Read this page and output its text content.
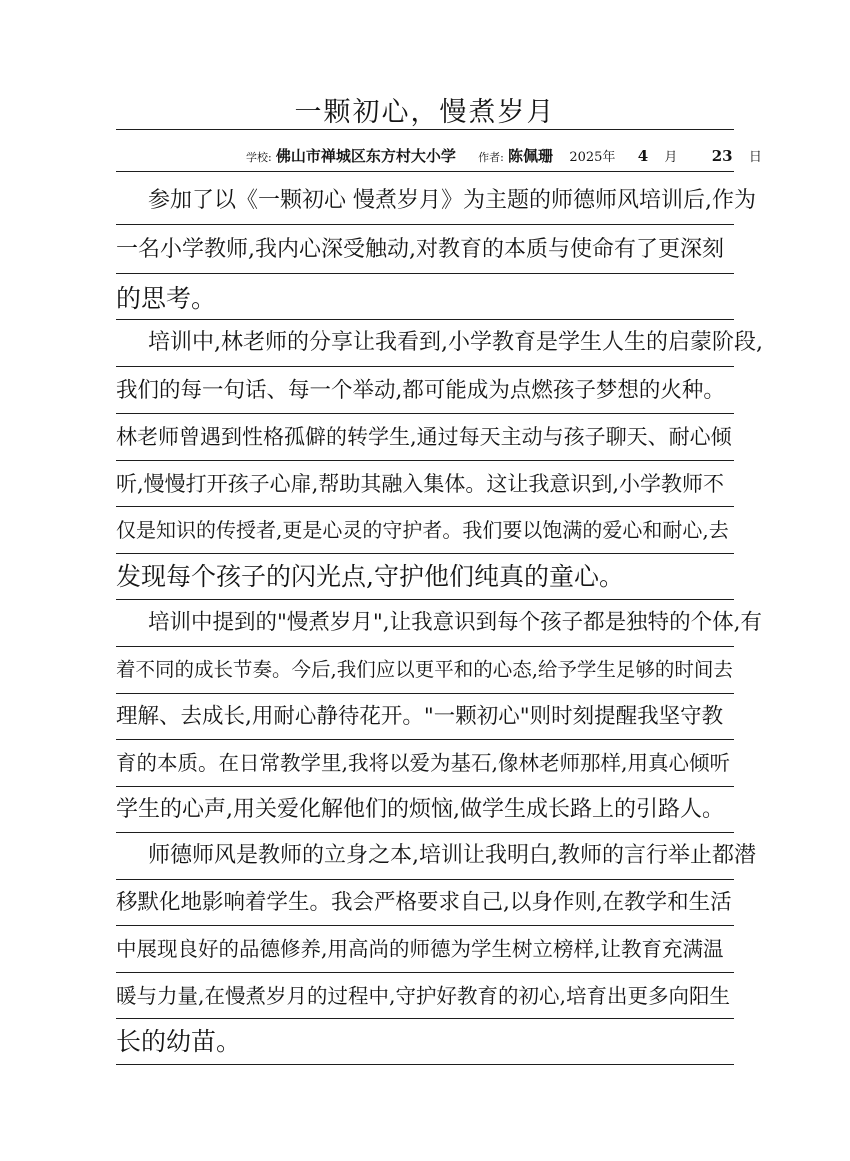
一颗初心，慢煮岁月
学校: 佛山市禅城区东方村大小学 作者: 陈佩珊 2025年 4 月 23 日
参加了以《一颗初心 慢煮岁月》为主题的师德师风培训后,作为
一名小学教师,我内心深受触动,对教育的本质与使命有了更深刻
的思考。
培训中,林老师的分享让我看到,小学教育是学生人生的启蒙阶段,
我们的每一句话、每一个举动,都可能成为点燃孩子梦想的火种。
林老师曾遇到性格孤僻的转学生,通过每天主动与孩子聊天、耐心倾
听,慢慢打开孩子心扉,帮助其融入集体。这让我意识到,小学教师不
仅是知识的传授者,更是心灵的守护者。我们要以饱满的爱心和耐心,去
发现每个孩子的闪光点,守护他们纯真的童心。
培训中提到的"慢煮岁月",让我意识到每个孩子都是独特的个体,有
着不同的成长节奏。今后,我们应以更平和的心态,给予学生足够的时间去
理解、去成长,用耐心静待花开。"一颗初心"则时刻提醒我坚守教
育的本质。在日常教学里,我将以爱为基石,像林老师那样,用真心倾听
学生的心声,用关爱化解他们的烦恼,做学生成长路上的引路人。
师德师风是教师的立身之本,培训让我明白,教师的言行举止都潜
移默化地影响着学生。我会严格要求自己,以身作则,在教学和生活
中展现良好的品德修养,用高尚的师德为学生树立榜样,让教育充满温
暖与力量,在慢煮岁月的过程中,守护好教育的初心,培育出更多向阳生
长的幼苗。
